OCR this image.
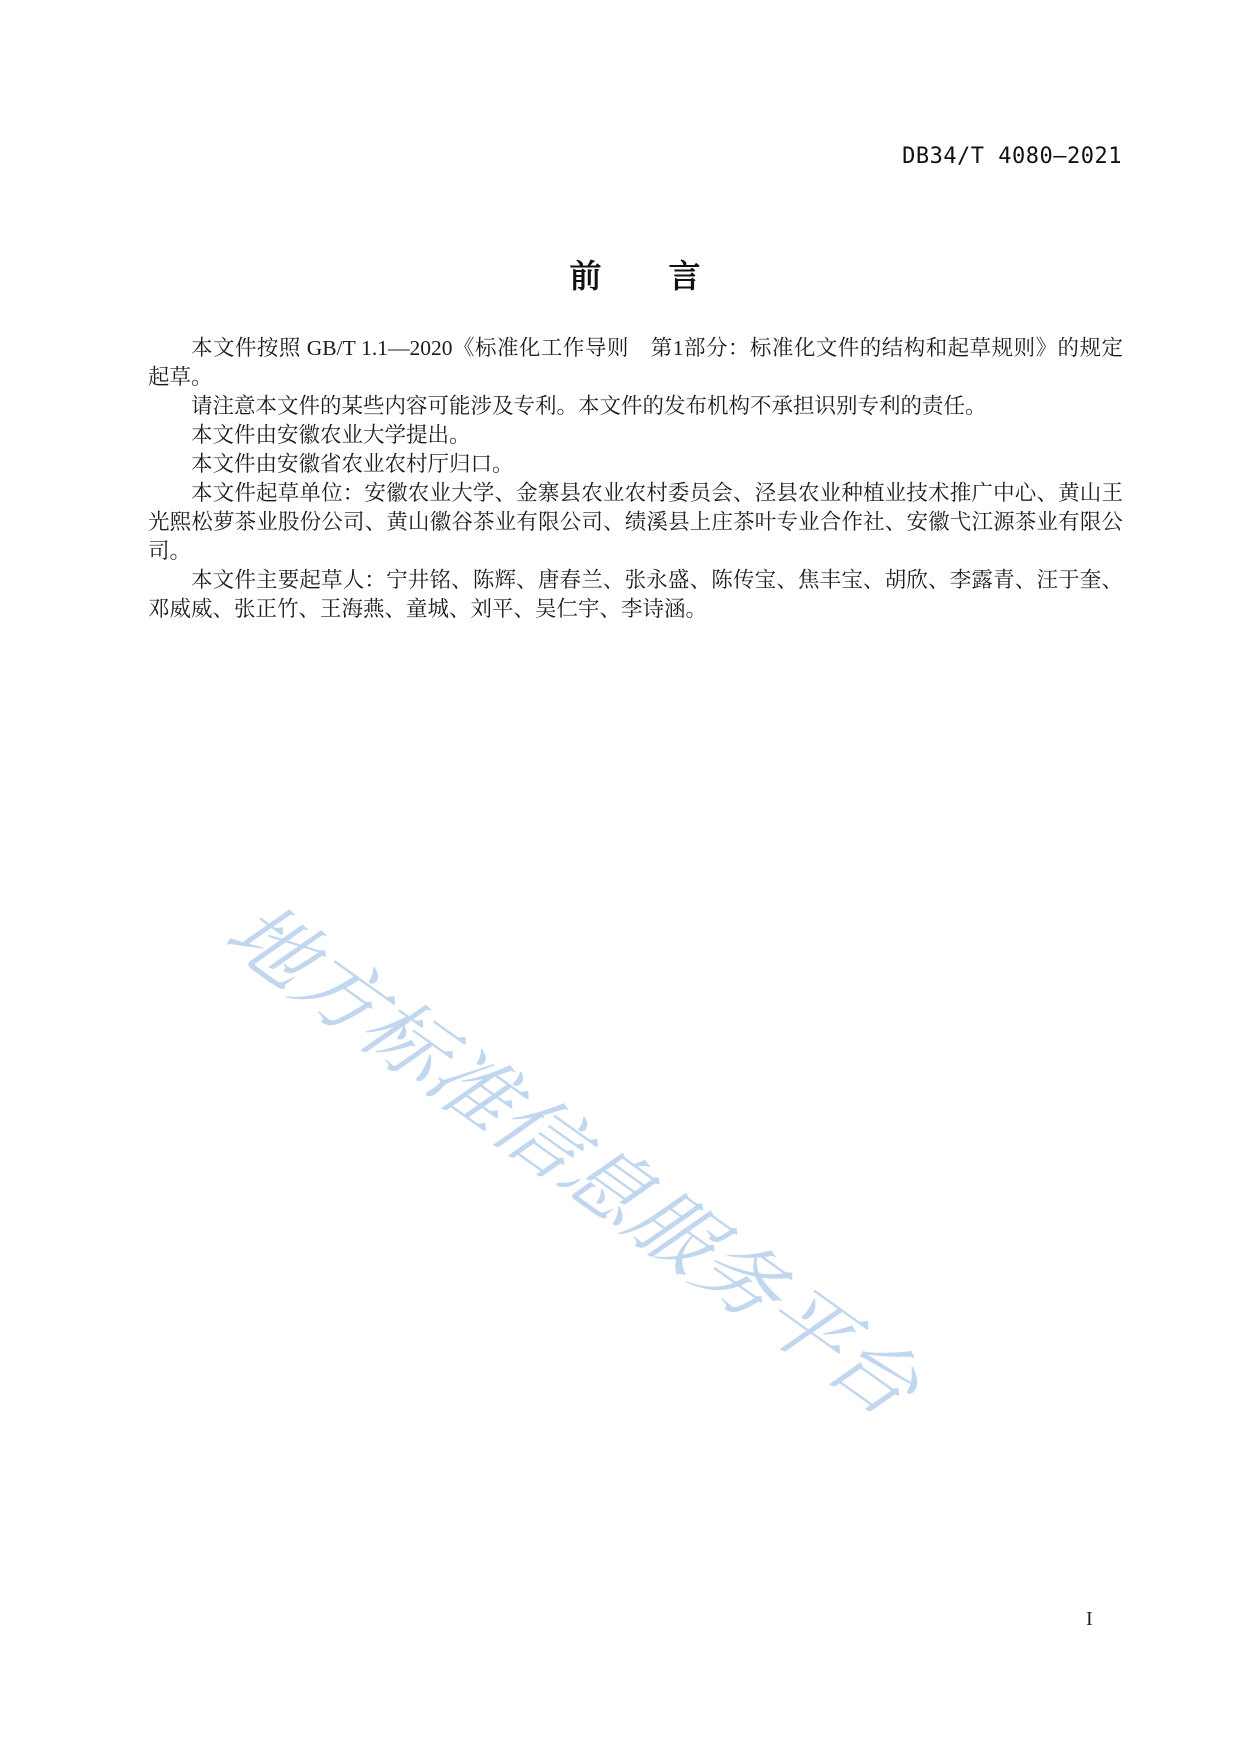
DB34/T 4080—2021
前　　言

本文件按照 GB/T 1.1—2020《标准化工作导则　第1部分：标准化文件的结构和起草规则》的规定起草。

请注意本文件的某些内容可能涉及专利。本文件的发布机构不承担识别专利的责任。

本文件由安徽农业大学提出。

本文件由安徽省农业农村厅归口。

本文件起草单位：安徽农业大学、金寨县农业农村委员会、泾县农业种植业技术推广中心、黄山王光熙松萝茶业股份公司、黄山徽谷茶业有限公司、绩溪县上庄茶叶专业合作社、安徽弋江源茶业有限公司。

本文件主要起草人：宁井铭、陈辉、唐春兰、张永盛、陈传宝、焦丰宝、胡欣、李露青、汪于奎、邓威威、张正竹、王海燕、童城、刘平、吴仁宇、李诗涵。

地方标准信息服务平台
I
